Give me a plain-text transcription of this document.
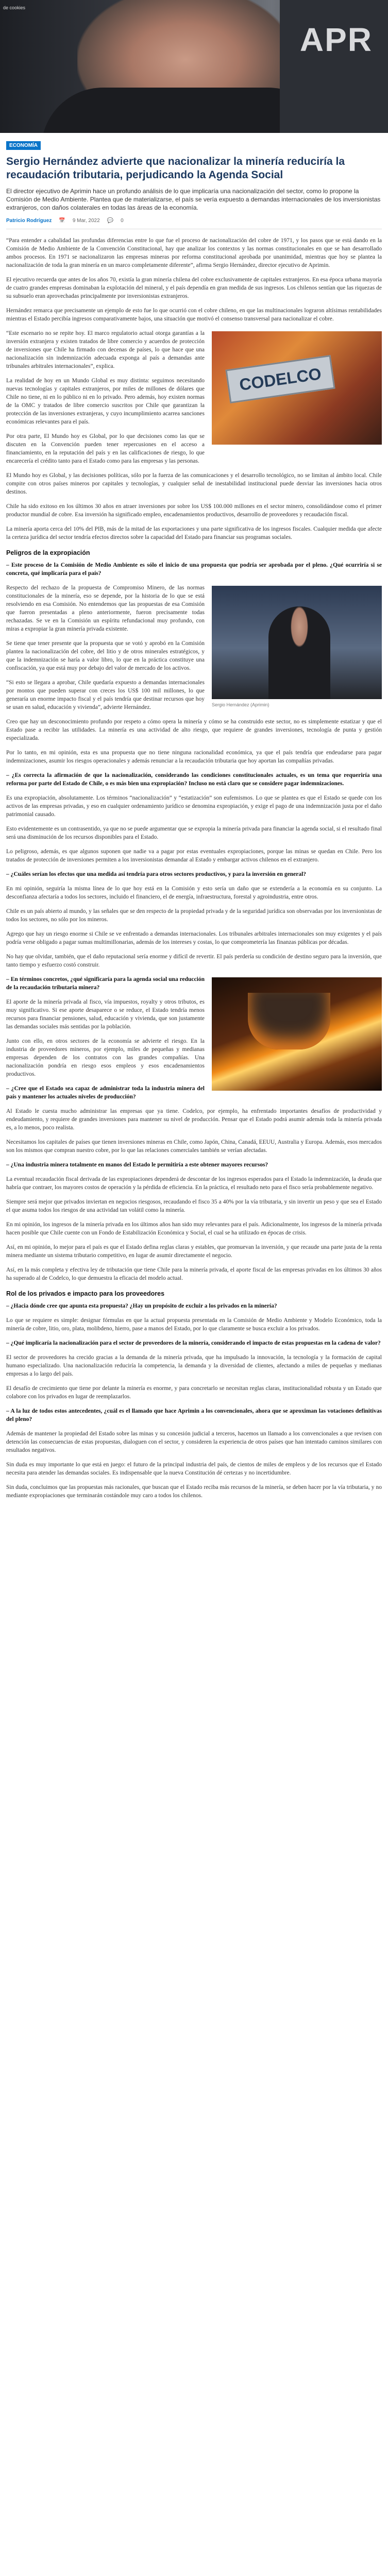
APR
de cookies
ECONOMÍA
Sergio Hernández advierte que nacionalizar la minería reduciría la recaudación tributaria, perjudicando la Agenda Social
El director ejecutivo de Aprimin hace un profundo análisis de lo que implicaría una nacionalización del sector, como lo propone la Comisión de Medio Ambiente. Plantea que de materializarse, el país se vería expuesto a demandas internacionales de los inversionistas extranjeros, con daños colaterales en todas las áreas de la economía.
Patricio Rodríguez 📅 9 Mar, 2022 💬 0

“Para entender a cabalidad las profundas diferencias entre lo que fue el proceso de nacionalización del cobre de 1971, y los pasos que se está dando en la Comisión de Medio Ambiente de la Convención Constitucional, hay que analizar los contextos y las normas constitucionales en que se han desarrollado ambos procesos. En 1971 se nacionalizaron las empresas mineras por reforma constitucional aprobada por unanimidad, mientras que hoy se plantea la nacionalización de toda la gran minería en un marco completamente diferente”, afirma Sergio Hernández, director ejecutivo de Aprimin.

El ejecutivo recuerda que antes de los años 70, existía la gran minería chilena del cobre exclusivamente de capitales extranjeros. En esa época urbana mayoría de cuatro grandes empresas dominaban la explotación del mineral, y el país dependía en gran medida de sus ingresos. Los chilenos sentían que las riquezas de su subsuelo eran aprovechadas principalmente por inversionistas extranjeros.

Hernández remarca que precisamente un ejemplo de esto fue lo que ocurrió con el cobre chileno, en que las multinacionales lograron altísimas rentabilidades mientras el Estado percibía ingresos comparativamente bajos, una situación que motivó el consenso transversal para nacionalizar el cobre.

CODELCO

“Este escenario no se repite hoy. El marco regulatorio actual otorga garantías a la inversión extranjera y existen tratados de libre comercio y acuerdos de protección de inversiones que Chile ha firmado con decenas de países, lo que hace que una nacionalización sin indemnización adecuada exponga al país a demandas ante tribunales arbitrales internacionales”, explica.

La realidad de hoy en un Mundo Global es muy distinta: seguimos necesitando nuevas tecnologías y capitales extranjeros, por miles de millones de dólares que Chile no tiene, ni en lo público ni en lo privado. Pero además, hoy existen normas de la OMC y tratados de libre comercio suscritos por Chile que garantizan la protección de las inversiones extranjeras, y cuyo incumplimiento acarrea sanciones económicas relevantes para el país.

Por otra parte, El Mundo hoy es Global, por lo que decisiones como las que se discuten en la Convención pueden tener repercusiones en el acceso a financiamiento, en la reputación del país y en las calificaciones de riesgo, lo que encarecería el crédito tanto para el Estado como para las empresas y las personas.

El Mundo hoy es Global, y las decisiones políticas, sólo por la fuerza de las comunicaciones y el desarrollo tecnológico, no se limitan al ámbito local. Chile compite con otros países mineros por capitales y tecnologías, y cualquier señal de inestabilidad institucional puede desviar las inversiones hacia otros destinos.

Chile ha sido exitoso en los últimos 30 años en atraer inversiones por sobre los US$ 100.000 millones en el sector minero, consolidándose como el primer productor mundial de cobre. Esa inversión ha significado empleo, encadenamientos productivos, desarrollo de proveedores y recaudación fiscal.

La minería aporta cerca del 10% del PIB, más de la mitad de las exportaciones y una parte significativa de los ingresos fiscales. Cualquier medida que afecte la certeza jurídica del sector tendría efectos directos sobre la capacidad del Estado para financiar sus programas sociales.

Peligros de la expropiación

– Este proceso de la Comisión de Medio Ambiente es sólo el inicio de una propuesta que podría ser aprobada por el pleno. ¿Qué ocurriría si se concreta, qué implicaría para el país?

Sergio Hernández (Aprimin)

Respecto del rechazo de la propuesta de Compromiso Minero, de las normas constitucionales de la minería, eso se depende, por la historia de lo que se está resolviendo en esa Comisión. No entendemos que las propuestas de esa Comisión que fueron presentadas a pleno anteriormente, fueron precisamente todas rechazadas. Se ve en la Comisión un espíritu refundacional muy profundo, con miras a expropiar la gran minería privada existente.

Se tiene que tener presente que la propuesta que se votó y aprobó en la Comisión plantea la nacionalización del cobre, del litio y de otros minerales estratégicos, y que la indemnización se haría a valor libro, lo que en la práctica constituye una confiscación, ya que está muy por debajo del valor de mercado de los activos.

“Si esto se llegara a aprobar, Chile quedaría expuesto a demandas internacionales por montos que pueden superar con creces los US$ 100 mil millones, lo que generaría un enorme impacto fiscal y el país tendría que destinar recursos que hoy se usan en salud, educación y vivienda”, advierte Hernández.

Creo que hay un desconocimiento profundo por respeto a cómo opera la minería y cómo se ha construido este sector, no es simplemente estatizar y que el Estado pase a recibir las utilidades. La minería es una actividad de alto riesgo, que requiere de grandes inversiones, tecnología de punta y gestión especializada.

Por lo tanto, en mi opinión, esta es una propuesta que no tiene ninguna racionalidad económica, ya que el país tendría que endeudarse para pagar indemnizaciones, asumir los riesgos operacionales y además renunciar a la recaudación tributaria que hoy aportan las compañías privadas.

– ¿Es correcta la afirmación de que la nacionalización, considerando las condiciones constitucionales actuales, es un tema que requeriría una reforma por parte del Estado de Chile, o es más bien una expropiación? Incluso no está claro que se considere pagar indemnizaciones.

Es una expropiación, absolutamente. Los términos “nacionalización” y “estatización” son eufemismos. Lo que se plantea es que el Estado se quede con los activos de las empresas privadas, y eso en cualquier ordenamiento jurídico se denomina expropiación, y exige el pago de una indemnización justa por el daño patrimonial causado.

Esto evidentemente es un contrasentido, ya que no se puede argumentar que se expropia la minería privada para financiar la agenda social, si el resultado final será una disminución de los recursos disponibles para el Estado.

Lo peligroso, además, es que algunos suponen que nadie va a pagar por estas eventuales expropiaciones, porque las minas se quedan en Chile. Pero los tratados de protección de inversiones permiten a los inversionistas demandar al Estado y embargar activos chilenos en el extranjero.

– ¿Cuáles serían los efectos que una medida así tendría para otros sectores productivos, y para la inversión en general?

En mi opinión, seguiría la misma línea de lo que hoy está en la Comisión y esto sería un daño que se extendería a la economía en su conjunto. La desconfianza afectaría a todos los sectores, incluido el financiero, el de energía, infraestructura, forestal y agroindustria, entre otros.

Chile es un país abierto al mundo, y las señales que se den respecto de la propiedad privada y de la seguridad jurídica son observadas por los inversionistas de todos los sectores, no sólo por los mineros.

Agrego que hay un riesgo enorme si Chile se ve enfrentado a demandas internacionales. Los tribunales arbitrales internacionales son muy exigentes y el país podría verse obligado a pagar sumas multimillonarias, además de los intereses y costas, lo que comprometería las finanzas públicas por décadas.

No hay que olvidar, también, que el daño reputacional sería enorme y difícil de revertir. El país perdería su condición de destino seguro para la inversión, que tanto tiempo y esfuerzo costó construir.

– En términos concretos, ¿qué significaría para la agenda social una reducción de la recaudación tributaria minera?

El aporte de la minería privada al fisco, vía impuestos, royalty y otros tributos, es muy significativo. Si ese aporte desaparece o se reduce, el Estado tendría menos recursos para financiar pensiones, salud, educación y vivienda, que son justamente las demandas sociales más sentidas por la población.

Junto con ello, en otros sectores de la economía se advierte el riesgo. En la industria de proveedores mineros, por ejemplo, miles de pequeñas y medianas empresas dependen de los contratos con las grandes compañías. Una nacionalización pondría en riesgo esos empleos y esos encadenamientos productivos.

– ¿Cree que el Estado sea capaz de administrar toda la industria minera del país y mantener los actuales niveles de producción?

Al Estado le cuesta mucho administrar las empresas que ya tiene. Codelco, por ejemplo, ha enfrentado importantes desafíos de productividad y endeudamiento, y requiere de grandes inversiones para mantener su nivel de producción. Pensar que el Estado podrá asumir además toda la minería privada es, a lo menos, poco realista.

Necesitamos los capitales de países que tienen inversiones mineras en Chile, como Japón, China, Canadá, EEUU, Australia y Europa. Además, esos mercados son los mismos que compran nuestro cobre, por lo que las relaciones comerciales también se verían afectadas.

– ¿Una industria minera totalmente en manos del Estado le permitiría a este obtener mayores recursos?

La eventual recaudación fiscal derivada de las expropiaciones dependerá de descontar de los ingresos esperados para el Estado la indemnización, la deuda que habría que contraer, los mayores costos de operación y la pérdida de eficiencia. En la práctica, el resultado neto para el fisco sería probablemente negativo.

Siempre será mejor que privados inviertan en negocios riesgosos, recaudando el fisco 35 a 40% por la vía tributaria, y sin invertir un peso y que sea el Estado el que asuma todos los riesgos de una actividad tan volátil como la minería.

En mi opinión, los ingresos de la minería privada en los últimos años han sido muy relevantes para el país. Adicionalmente, los ingresos de la minería privada hacen posible que Chile cuente con un Fondo de Estabilización Económica y Social, el cual se ha utilizado en épocas de crisis.

Así, en mi opinión, lo mejor para el país es que el Estado defina reglas claras y estables, que promuevan la inversión, y que recaude una parte justa de la renta minera mediante un sistema tributario competitivo, en lugar de asumir directamente el negocio.

Así, en la más completa y efectiva ley de tributación que tiene Chile para la minería privada, el aporte fiscal de las empresas privadas en los últimos 30 años ha superado al de Codelco, lo que demuestra la eficacia del modelo actual.

Rol de los privados e impacto para los proveedores

– ¿Hacia dónde cree que apunta esta propuesta? ¿Hay un propósito de excluir a los privados en la minería?

Lo que se requiere es simple: designar fórmulas en que la actual propuesta presentada en la Comisión de Medio Ambiente y Modelo Económico, toda la minería de cobre, litio, oro, plata, molibdeno, hierro, pase a manos del Estado, por lo que claramente se busca excluir a los privados.

– ¿Qué implicaría la nacionalización para el sector de proveedores de la minería, considerando el impacto de estas propuestas en la cadena de valor?

El sector de proveedores ha crecido gracias a la demanda de la minería privada, que ha impulsado la innovación, la tecnología y la formación de capital humano especializado. Una nacionalización reduciría la competencia, la demanda y la diversidad de clientes, afectando a miles de pequeñas y medianas empresas a lo largo del país.

El desafío de crecimiento que tiene por delante la minería es enorme, y para concretarlo se necesitan reglas claras, institucionalidad robusta y un Estado que colabore con los privados en lugar de reemplazarlos.

– A la luz de todos estos antecedentes, ¿cuál es el llamado que hace Aprimin a los convencionales, ahora que se aproximan las votaciones definitivas del pleno?

Además de mantener la propiedad del Estado sobre las minas y su concesión judicial a terceros, hacemos un llamado a los convencionales a que revisen con detención las consecuencias de estas propuestas, dialoguen con el sector, y consideren la experiencia de otros países que han intentado caminos similares con resultados negativos.

Sin duda es muy importante lo que está en juego: el futuro de la principal industria del país, de cientos de miles de empleos y de los recursos que el Estado necesita para atender las demandas sociales. Es indispensable que la nueva Constitución dé certezas y no incertidumbre.

Sin duda, concluimos que las propuestas más racionales, que buscan que el Estado reciba más recursos de la minería, se deben hacer por la vía tributaria, y no mediante expropiaciones que terminarán costándole muy caro a todos los chilenos.
